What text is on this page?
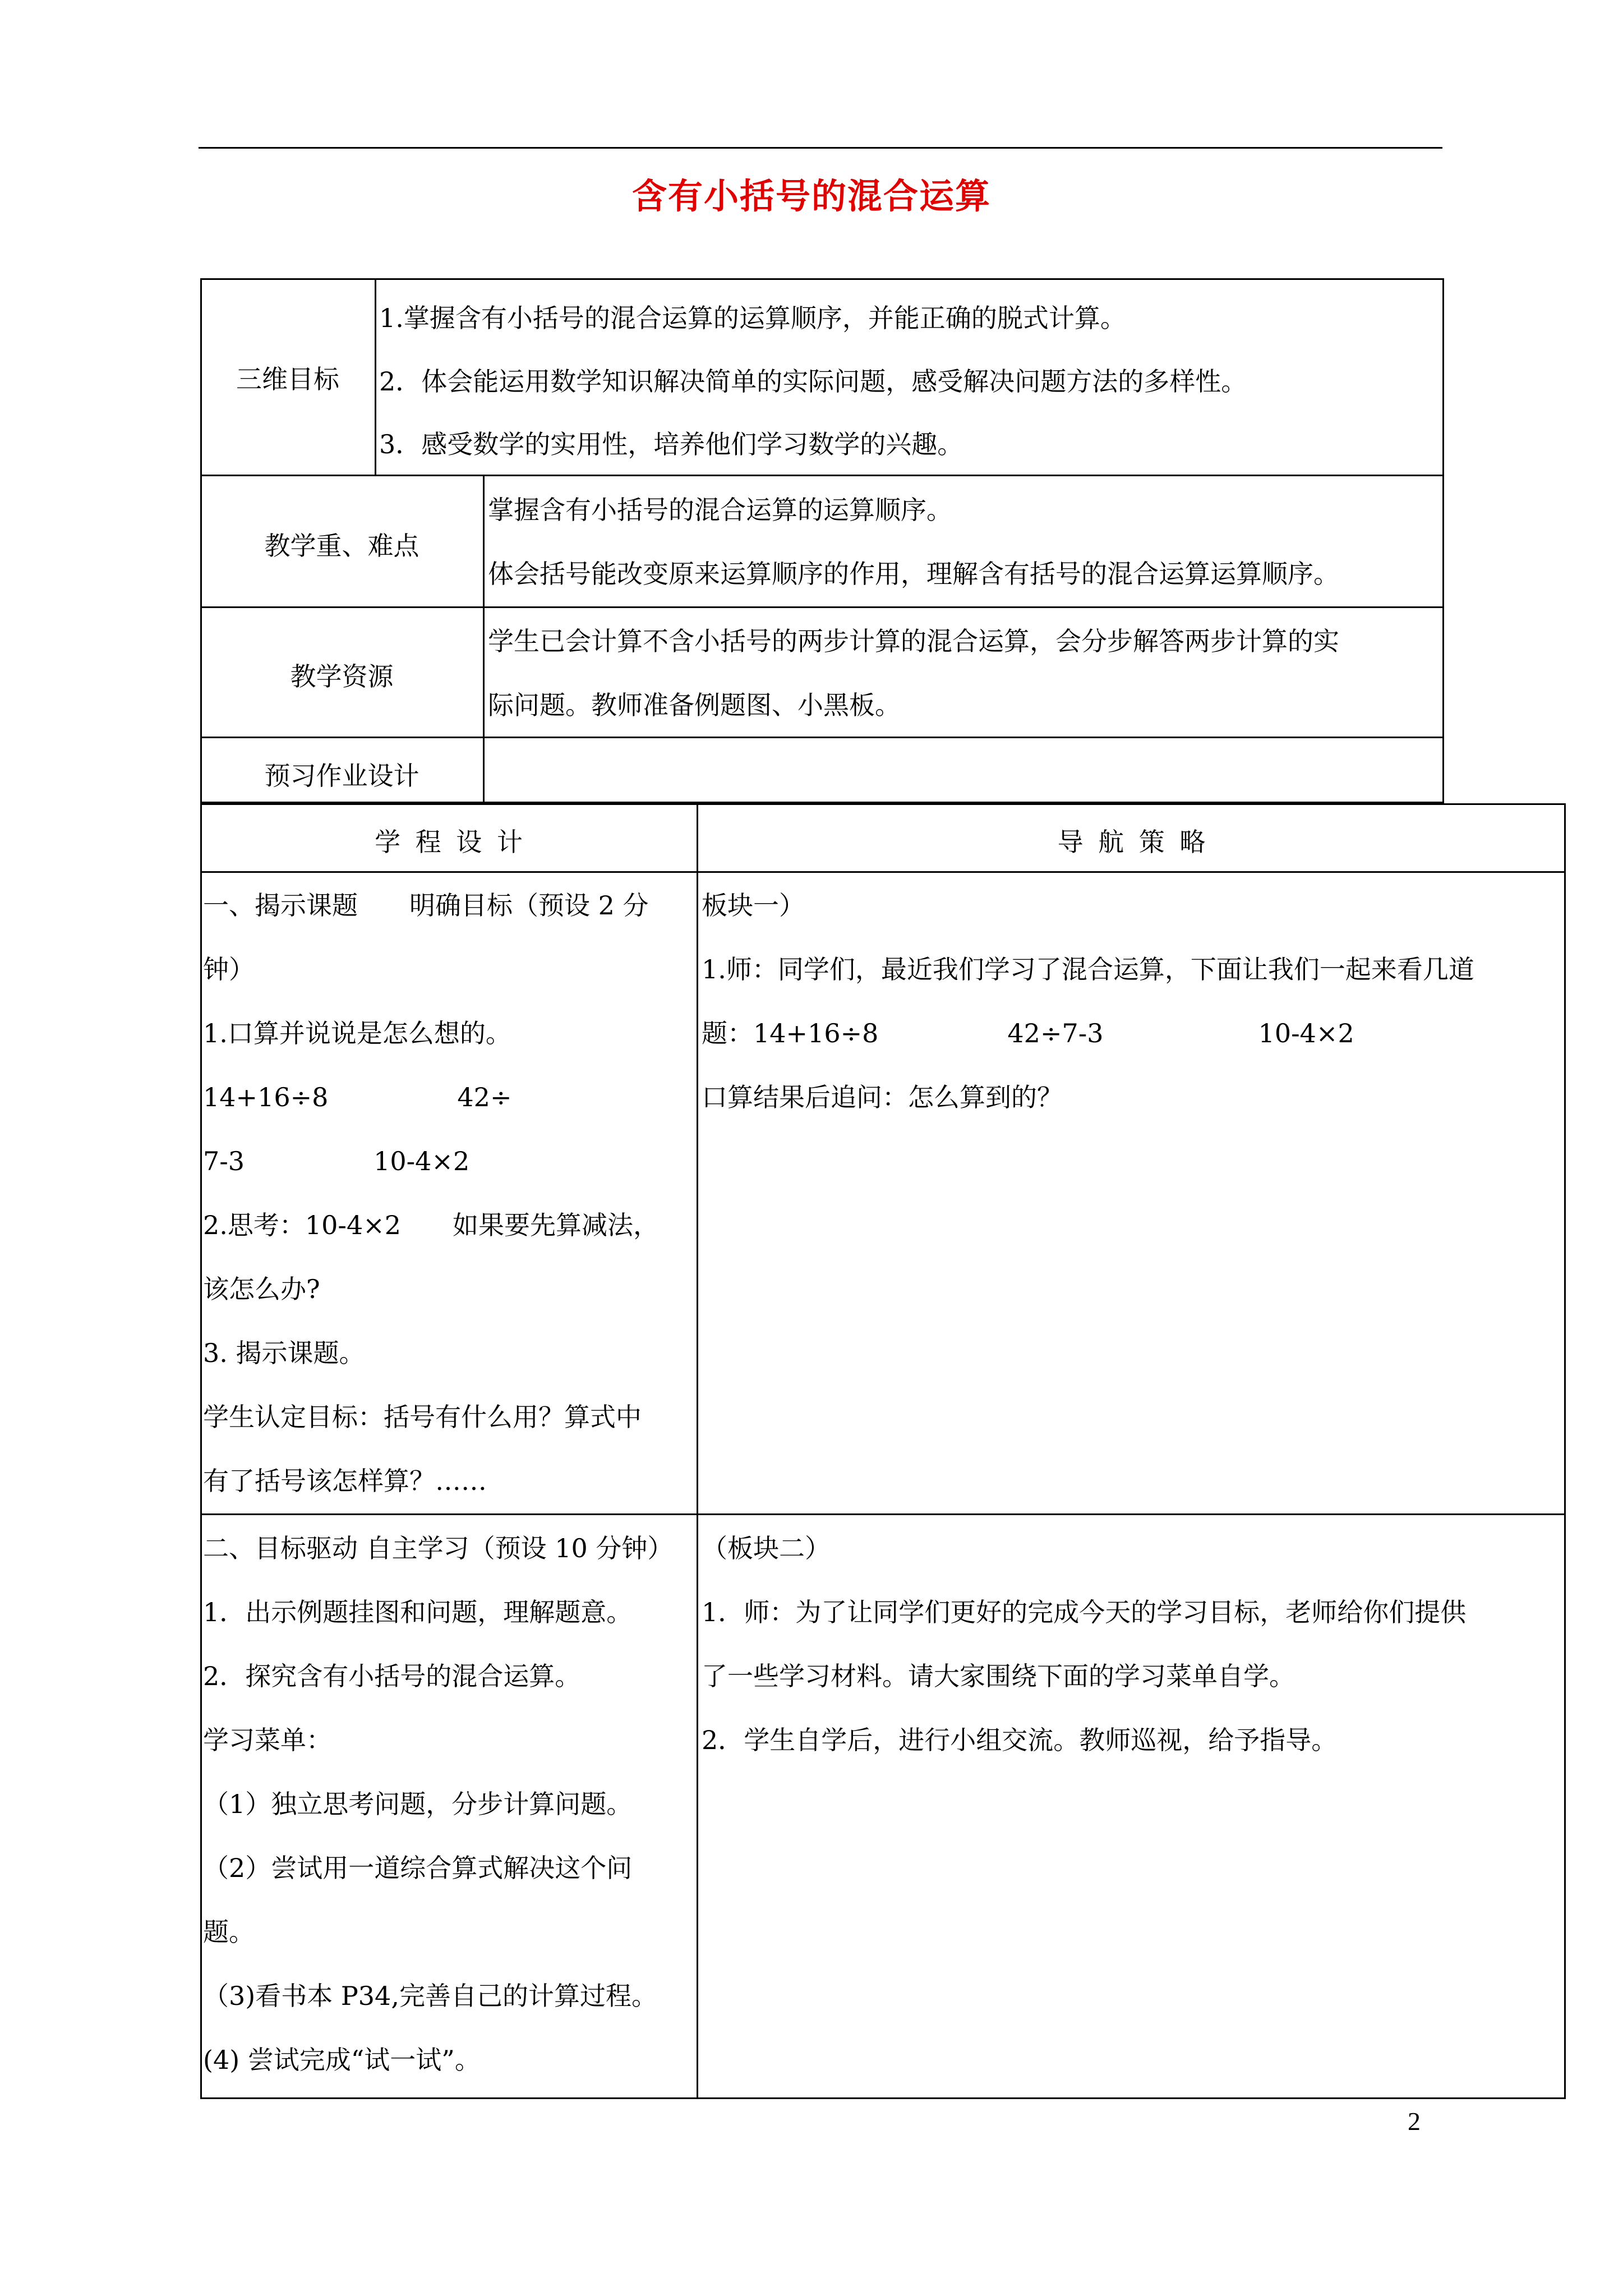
含有小括号的混合运算
三维目标
1.掌握含有小括号的混合运算的运算顺序，并能正确的脱式计算。
2．体会能运用数学知识解决简单的实际问题，感受解决问题方法的多样性。
3．感受数学的实用性，培养他们学习数学的兴趣。
教学重、难点
掌握含有小括号的混合运算的运算顺序。
体会括号能改变原来运算顺序的作用，理解含有括号的混合运算运算顺序。
教学资源
学生已会计算不含小括号的两步计算的混合运算，会分步解答两步计算的实
际问题。教师准备例题图、小黑板。
预习作业设计
学 程 设 计	导 航 策 略
一、揭示课题　　明确目标（预设 2 分
钟）
1.口算并说说是怎么想的。
14+16÷8　　　　　42÷
7-3　　　　　10-4×2
2.思考：10-4×2　　如果要先算减法，
该怎么办?
3. 揭示课题。
学生认定目标：括号有什么用？算式中
有了括号该怎样算？……
板块一）
1.师：同学们，最近我们学习了混合运算，下面让我们一起来看几道
题：14+16÷8　　　　　42÷7-3　　　　　　10-4×2
口算结果后追问：怎么算到的？
二、目标驱动 自主学习（预设 10 分钟）
1．出示例题挂图和问题，理解题意。
2．探究含有小括号的混合运算。
学习菜单：
（1）独立思考问题，分步计算问题。
（2）尝试用一道综合算式解决这个问
题。
（3)看书本 P34,完善自己的计算过程。
(4) 尝试完成“试一试”。
（板块二）
1．师：为了让同学们更好的完成今天的学习目标，老师给你们提供
了一些学习材料。请大家围绕下面的学习菜单自学。
2．学生自学后，进行小组交流。教师巡视，给予指导。
2
